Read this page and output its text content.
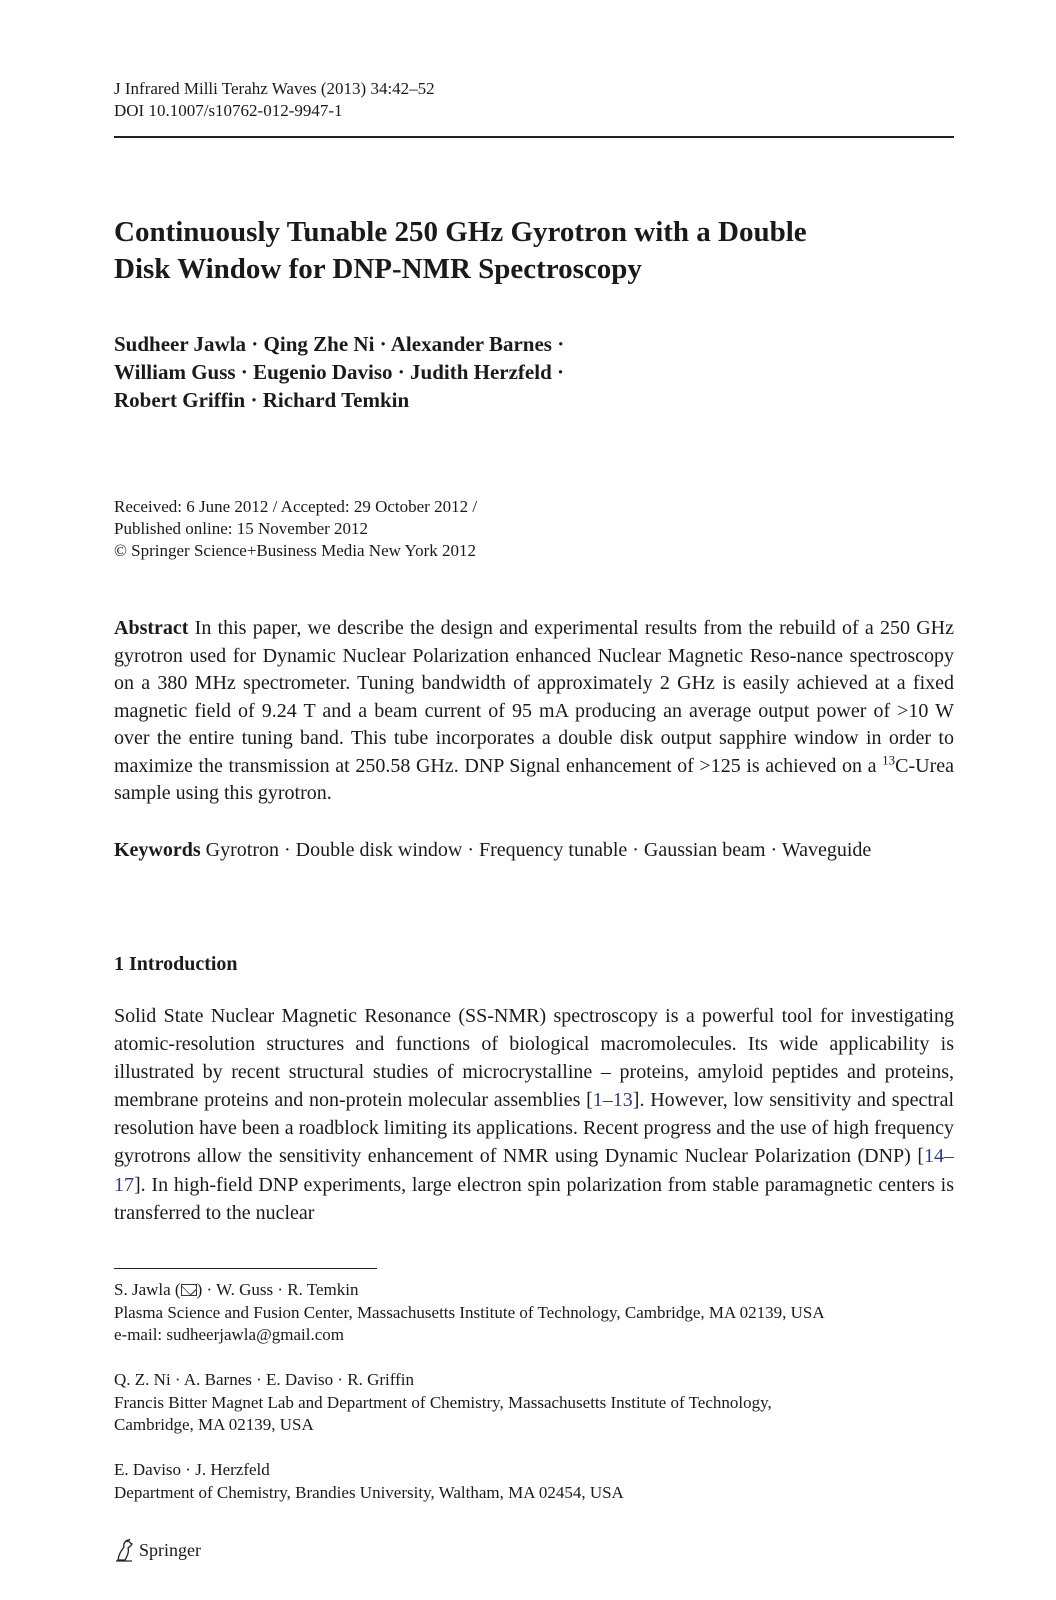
J Infrared Milli Terahz Waves (2013) 34:42–52
DOI 10.1007/s10762-012-9947-1
Continuously Tunable 250 GHz Gyrotron with a Double
Disk Window for DNP-NMR Spectroscopy

Sudheer Jawla · Qing Zhe Ni · Alexander Barnes ·
William Guss · Eugenio Daviso · Judith Herzfeld ·
Robert Griffin · Richard Temkin

Received: 6 June 2012 / Accepted: 29 October 2012 /
Published online: 15 November 2012
© Springer Science+Business Media New York 2012

Abstract In this paper, we describe the design and experimental results from the rebuild of a 250 GHz gyrotron used for Dynamic Nuclear Polarization enhanced Nuclear Magnetic Reso-nance spectroscopy on a 380 MHz spectrometer. Tuning bandwidth of approximately 2 GHz is easily achieved at a fixed magnetic field of 9.24 T and a beam current of 95 mA producing an average output power of >10 W over the entire tuning band. This tube incorporates a double disk output sapphire window in order to maximize the transmission at 250.58 GHz. DNP Signal enhancement of >125 is achieved on a $^{13}$C-Urea sample using this gyrotron.

Keywords Gyrotron · Double disk window · Frequency tunable · Gaussian beam · Waveguide

1 Introduction

Solid State Nuclear Magnetic Resonance (SS-NMR) spectroscopy is a powerful tool for investigating atomic-resolution structures and functions of biological macromolecules. Its wide applicability is illustrated by recent structural studies of microcrystalline – proteins, amyloid peptides and proteins, membrane proteins and non-protein molecular assemblies [1–13]. However, low sensitivity and spectral resolution have been a roadblock limiting its applications. Recent progress and the use of high frequency gyrotrons allow the sensitivity enhancement of NMR using Dynamic Nuclear Polarization (DNP) [14–17]. In high-field DNP experiments, large electron spin polarization from stable paramagnetic centers is transferred to the nuclear

S. Jawla ( ) · W. Guss · R. Temkin
Plasma Science and Fusion Center, Massachusetts Institute of Technology, Cambridge, MA 02139, USA
e-mail: sudheerjawla@gmail.com
Q. Z. Ni · A. Barnes · E. Daviso · R. Griffin
Francis Bitter Magnet Lab and Department of Chemistry, Massachusetts Institute of Technology,
Cambridge, MA 02139, USA
E. Daviso · J. Herzfeld
Department of Chemistry, Brandies University, Waltham, MA 02454, USA
Springer
